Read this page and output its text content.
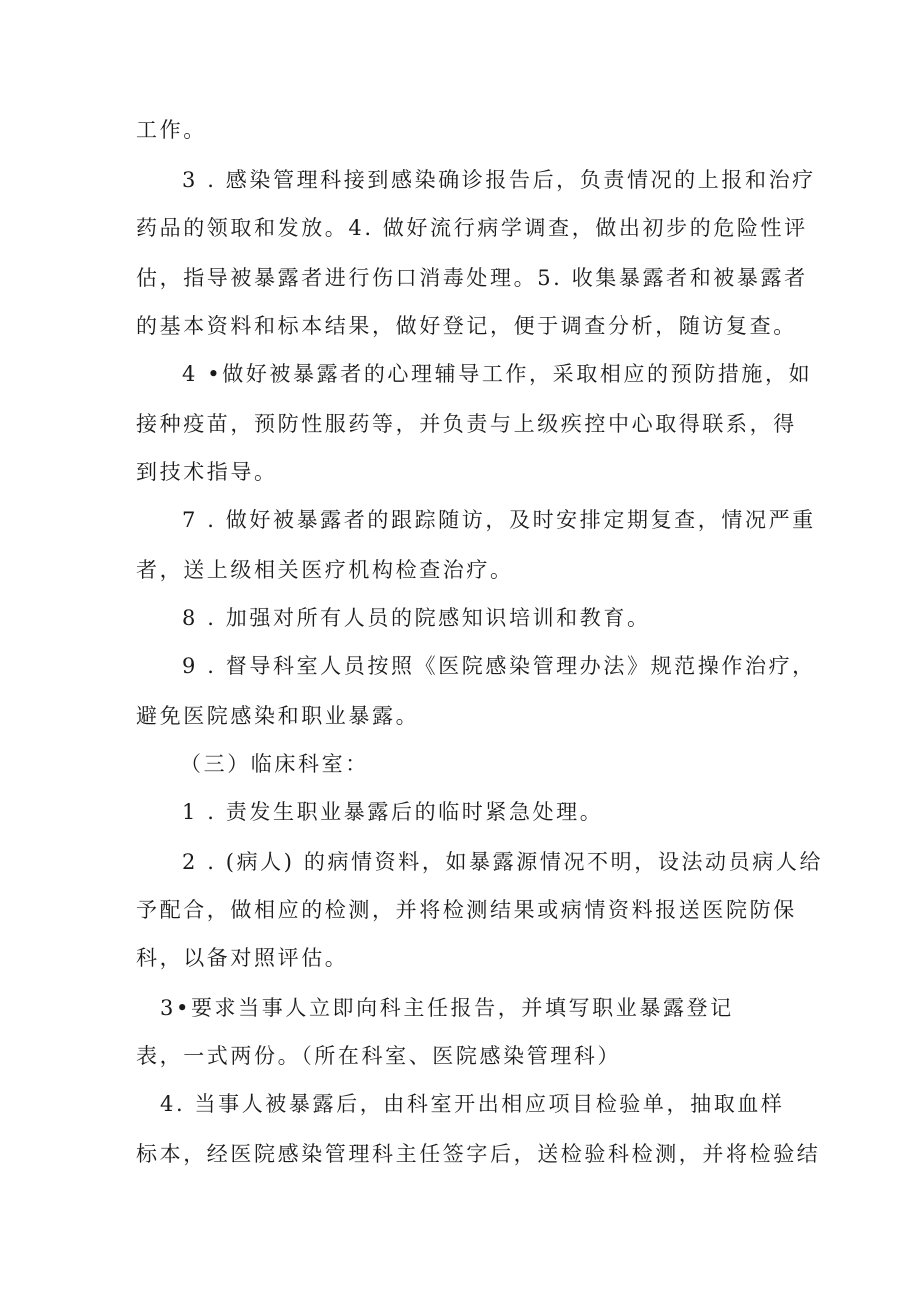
工作。
3 . 感染管理科接到感染确诊报告后，负责情况的上报和治疗
药品的领取和发放。4. 做好流行病学调查，做出初步的危险性评
估，指导被暴露者进行伤口消毒处理。5. 收集暴露者和被暴露者
的基本资料和标本结果，做好登记，便于调查分析，随访复查。
4 •做好被暴露者的心理辅导工作，采取相应的预防措施，如
接种疫苗，预防性服药等，并负责与上级疾控中心取得联系，得
到技术指导。
7 . 做好被暴露者的跟踪随访，及时安排定期复查，情况严重
者，送上级相关医疗机构检查治疗。
8 . 加强对所有人员的院感知识培训和教育。
9 . 督导科室人员按照《医院感染管理办法》规范操作治疗，
避免医院感染和职业暴露。
（三）临床科室：
1 . 责发生职业暴露后的临时紧急处理。
2 . (病人) 的病情资料，如暴露源情况不明，设法动员病人给
予配合，做相应的检测，并将检测结果或病情资料报送医院防保
科，以备对照评估。
3•要求当事人立即向科主任报告，并填写职业暴露登记
表，一式两份。（所在科室、医院感染管理科）
4. 当事人被暴露后，由科室开出相应项目检验单，抽取血样
标本，经医院感染管理科主任签字后，送检验科检测，并将检验结
